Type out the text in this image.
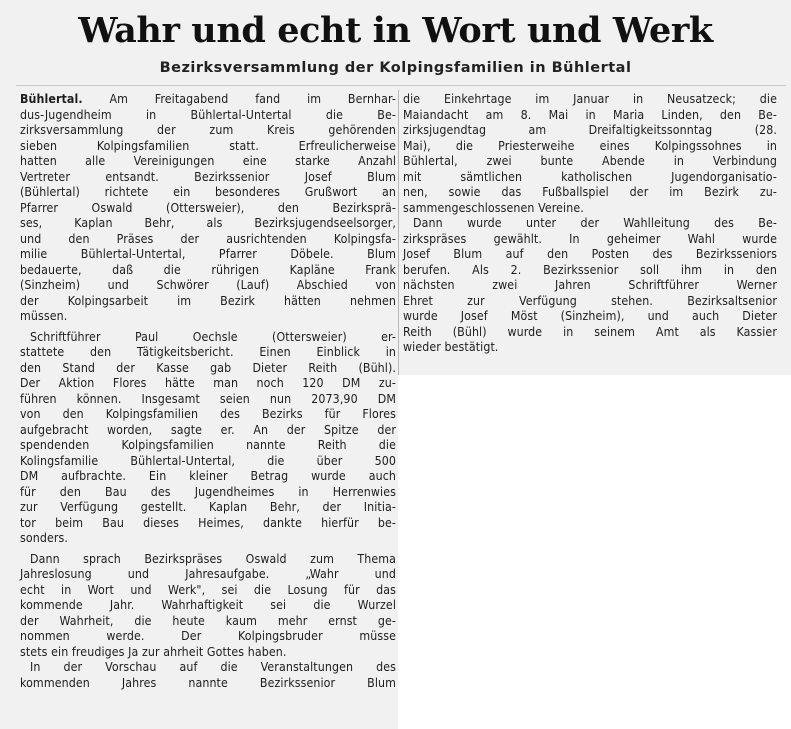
Wahr und echt in Wort und Werk
Bezirksversammlung der Kolpingsfamilien in Bühlertal
Bühlertal. Am Freitagabend fand im Bernhar-
dus-Jugendheim in Bühlertal-Untertal die Be-
zirksversammlung der zum Kreis gehörenden
sieben Kolpingsfamilien statt. Erfreulicherweise
hatten alle Vereinigungen eine starke Anzahl
Vertreter entsandt. Bezirkssenior Josef Blum
(Bühlertal) richtete ein besonderes Grußwort an
Pfarrer Oswald (Ottersweier), den Bezirksprä-
ses, Kaplan Behr, als Bezirksjugendseelsorger,
und den Präses der ausrichtenden Kolpingsfa-
milie Bühlertal-Untertal, Pfarrer Döbele. Blum
bedauerte, daß die rührigen Kapläne Frank
(Sinzheim) und Schwörer (Lauf) Abschied von
der Kolpingsarbeit im Bezirk hätten nehmen
müssen.
Schriftführer Paul Oechsle (Ottersweier) er-
stattete den Tätigkeitsbericht. Einen Einblick in
den Stand der Kasse gab Dieter Reith (Bühl).
Der Aktion Flores hätte man noch 120 DM zu-
führen können. Insgesamt seien nun 2073,90 DM
von den Kolpingsfamilien des Bezirks für Flores
aufgebracht worden, sagte er. An der Spitze der
spendenden Kolpingsfamilien nannte Reith die
Kolingsfamilie Bühlertal-Untertal, die über 500
DM aufbrachte. Ein kleiner Betrag wurde auch
für den Bau des Jugendheimes in Herrenwies
zur Verfügung gestellt. Kaplan Behr, der Initia-
tor beim Bau dieses Heimes, dankte hierfür be-
sonders.
Dann sprach Bezirkspräses Oswald zum Thema
Jahreslosung und Jahresaufgabe. „Wahr und
echt in Wort und Werk", sei die Losung für das
kommende Jahr. Wahrhaftigkeit sei die Wurzel
der Wahrheit, die heute kaum mehr ernst ge-
nommen werde. Der Kolpingsbruder müsse
stets ein freudiges Ja zur ahrheit Gottes haben.
In der Vorschau auf die Veranstaltungen des
kommenden Jahres nannte Bezirkssenior Blum
die Einkehrtage im Januar in Neusatzeck; die
Maiandacht am 8. Mai in Maria Linden, den Be-
zirksjugendtag am Dreifaltigkeitssonntag (28.
Mai), die Priesterweihe eines Kolpingssohnes in
Bühlertal, zwei bunte Abende in Verbindung
mit sämtlichen katholischen Jugendorganisatio-
nen, sowie das Fußballspiel der im Bezirk zu-
sammengeschlossenen Vereine.
Dann wurde unter der Wahlleitung des Be-
zirkspräses gewählt. In geheimer Wahl wurde
Josef Blum auf den Posten des Bezirksseniors
berufen. Als 2. Bezirkssenior soll ihm in den
nächsten zwei Jahren Schriftführer Werner
Ehret zur Verfügung stehen. Bezirksaltsenior
wurde Josef Möst (Sinzheim), und auch Dieter
Reith (Bühl) wurde in seinem Amt als Kassier
wieder bestätigt.
